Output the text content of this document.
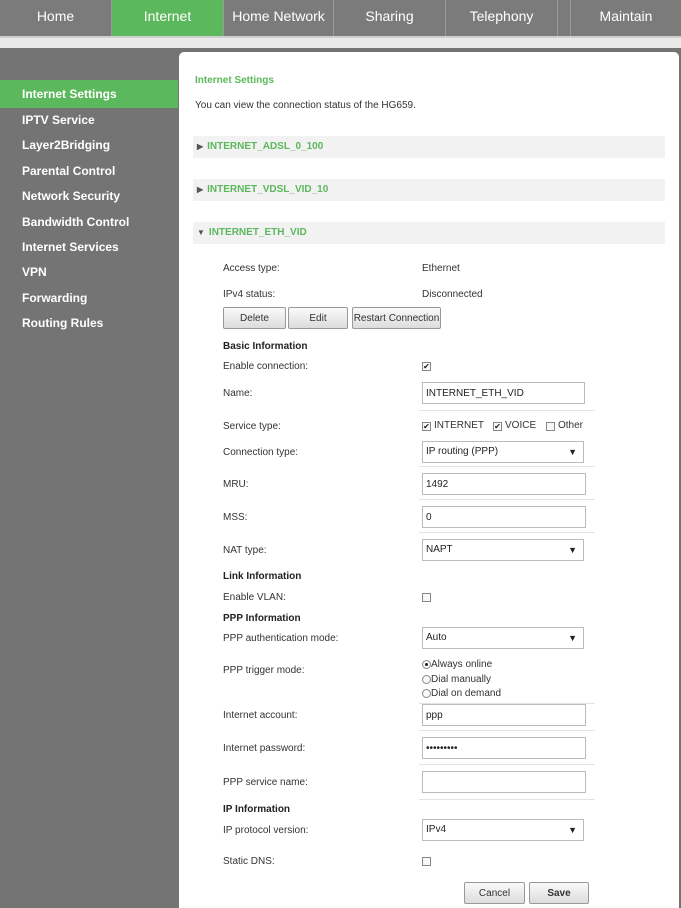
Home	Internet	Home Network	Sharing	Telephony	Maintain
Internet Settings
IPTV Service
Layer2Bridging
Parental Control
Network Security
Bandwidth Control
Internet Services
VPN
Forwarding
Routing Rules
Internet Settings
You can view the connection status of the HG659.
▶ INTERNET_ADSL_0_100
▶ INTERNET_VDSL_VID_10
▼ INTERNET_ETH_VID
Access type:	Ethernet
IPv4 status:	Disconnected
Delete	Edit	Restart Connection
Basic Information
Enable connection:	✔
Name:
INTERNET_ETH_VID
Service type:	✔ INTERNET ✔ VOICE Other
Connection type:	IP routing (PPP)	▼
MRU:
1492
MSS:
0
NAT type:	NAPT	▼
Link Information
Enable VLAN:
PPP Information
PPP authentication mode:	Auto	▼
PPP trigger mode:
Always online
Dial manually
Dial on demand
Internet account:
ppp
Internet password:
•••••••••
PPP service name:
IP Information
IP protocol version:	IPv4	▼
Static DNS:
Cancel	Save
